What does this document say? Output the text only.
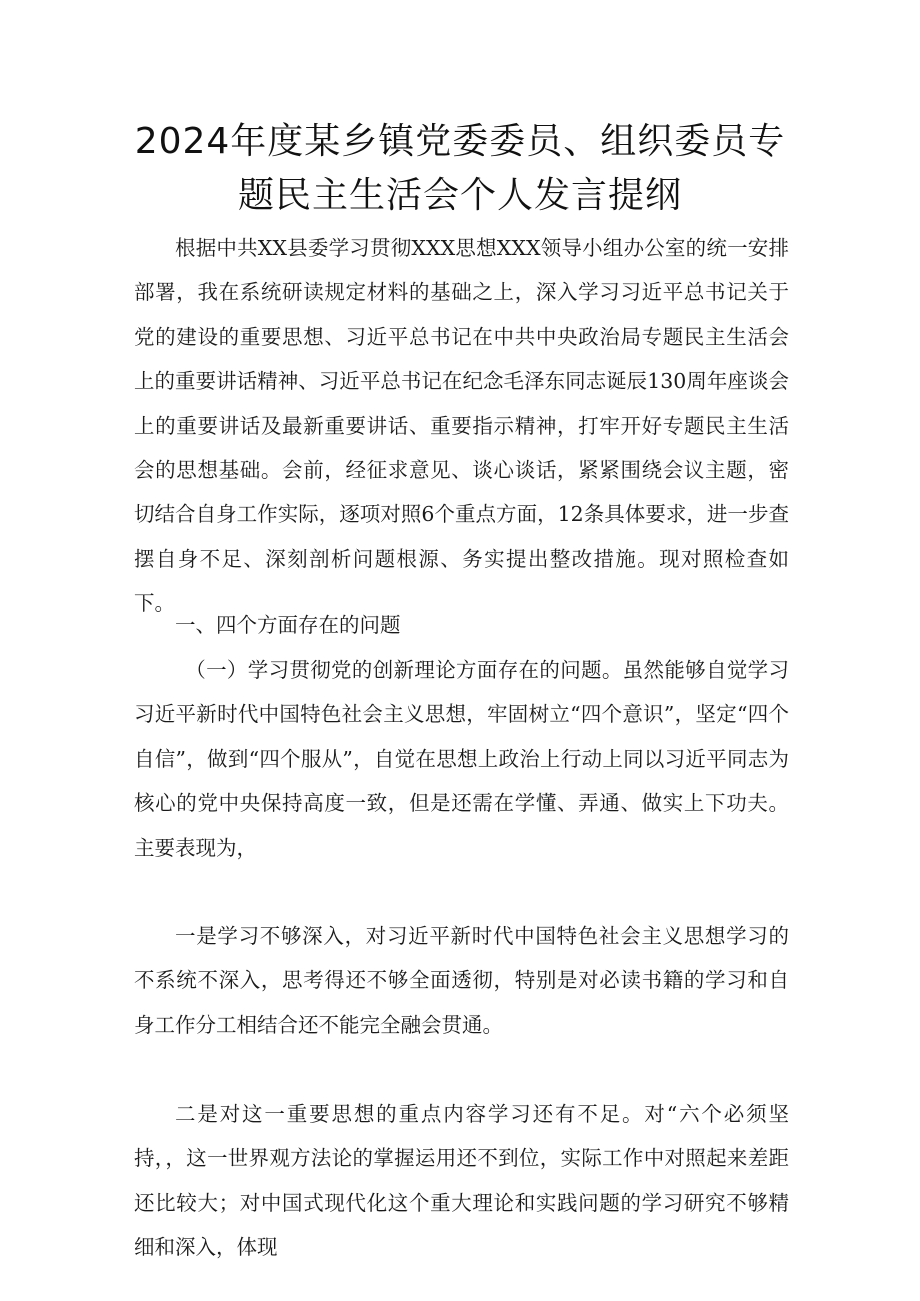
2024年度某乡镇党委委员、组织委员专
题民主生活会个人发言提纲

根据中共XX县委学习贯彻XXX思想XXX领导小组办公室的统一安排部署，我在系统研读规定材料的基础之上，深入学习习近平总书记关于党的建设的重要思想、习近平总书记在中共中央政治局专题民主生活会上的重要讲话精神、习近平总书记在纪念毛泽东同志诞辰130周年座谈会上的重要讲话及最新重要讲话、重要指示精神，打牢开好专题民主生活会的思想基础。会前，经征求意见、谈心谈话，紧紧围绕会议主题，密切结合自身工作实际，逐项对照6个重点方面，12条具体要求，进一步查摆自身不足、深刻剖析问题根源、务实提出整改措施。现对照检查如下。

一、四个方面存在的问题

（一）学习贯彻党的创新理论方面存在的问题。虽然能够自觉学习习近平新时代中国特色社会主义思想，牢固树立“四个意识”，坚定“四个自信”，做到“四个服从”，自觉在思想上政治上行动上同以习近平同志为核心的党中央保持高度一致，但是还需在学懂、弄通、做实上下功夫。主要表现为，

一是学习不够深入，对习近平新时代中国特色社会主义思想学习的不系统不深入，思考得还不够全面透彻，特别是对必读书籍的学习和自身工作分工相结合还不能完全融会贯通。

二是对这一重要思想的重点内容学习还有不足。对“六个必须坚持，，这一世界观方法论的掌握运用还不到位，实际工作中对照起来差距还比较大；对中国式现代化这个重大理论和实践问题的学习研究不够精细和深入，体现
